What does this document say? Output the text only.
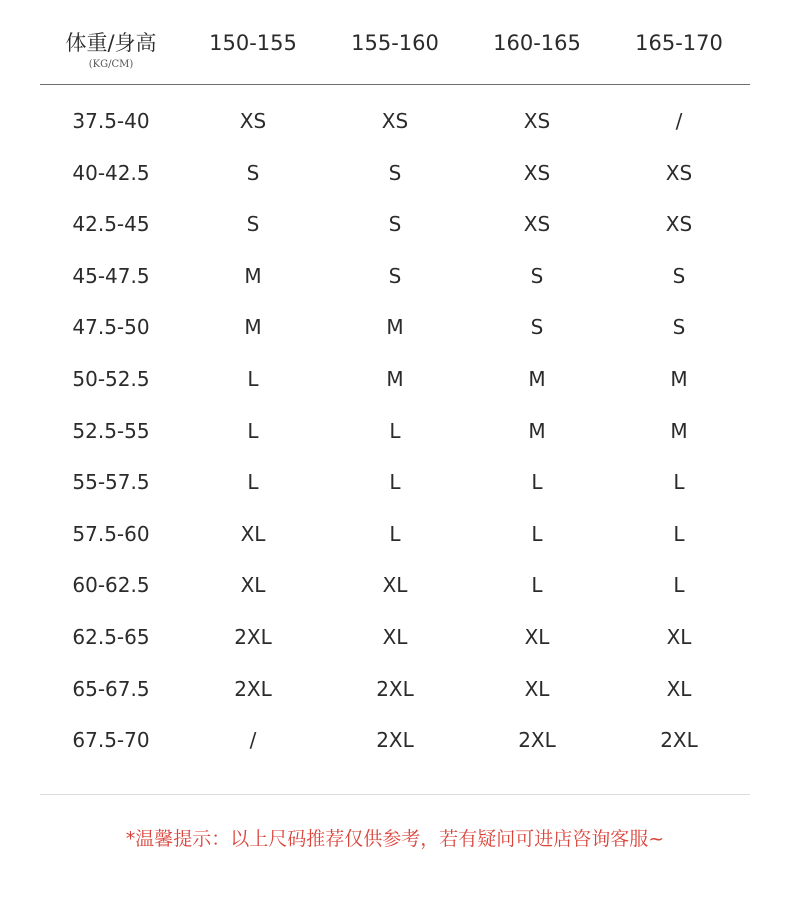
体重/身高
(KG/CM)
150-155	155-160	160-165	165-170
37.5-40	XS	XS	XS	/
40-42.5	S	S	XS	XS
42.5-45	S	S	XS	XS
45-47.5	M	S	S	S
47.5-50	M	M	S	S
50-52.5	L	M	M	M
52.5-55	L	L	M	M
55-57.5	L	L	L	L
57.5-60	XL	L	L	L
60-62.5	XL	XL	L	L
62.5-65	2XL	XL	XL	XL
65-67.5	2XL	2XL	XL	XL
67.5-70	/	2XL	2XL	2XL
*温馨提示：以上尺码推荐仅供参考，若有疑问可进店咨询客服~
